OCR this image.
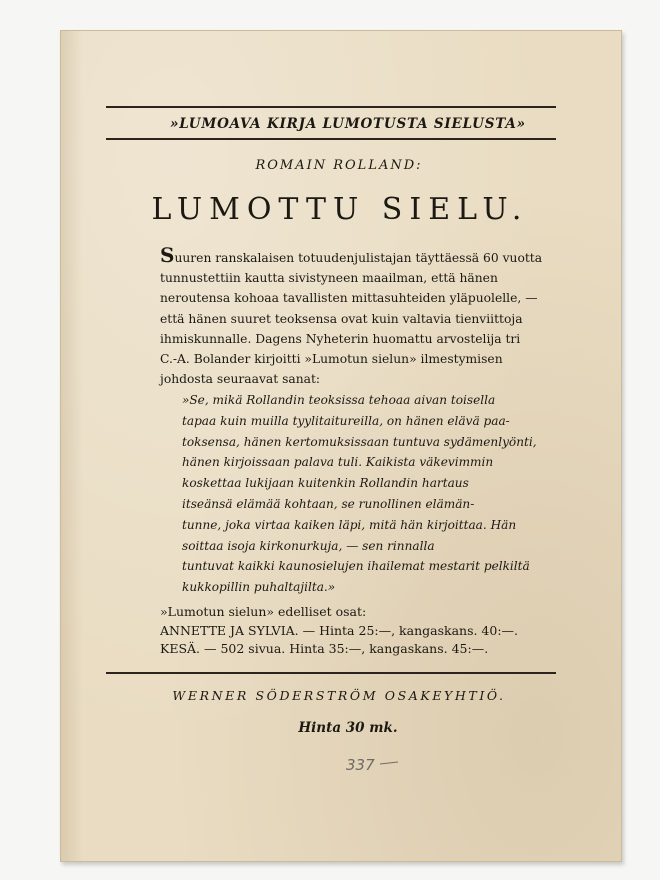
»LUMOAVA KIRJA LUMOTUSTA SIELUSTA»
ROMAIN ROLLAND:
LUMOTTU SIELU.
Suuren ranskalaisen totuudenjulistajan täyttäessä 60 vuotta
tunnustettiin kautta sivistyneen maailman, että hänen
neroutensa kohoaa tavallisten mittasuhteiden yläpuolelle, —
että hänen suuret teoksensa ovat kuin valtavia tienviittoja
ihmiskunnalle. Dagens Nyheterin huomattu arvostelija tri
C.-A. Bolander kirjoitti »Lumotun sielun» ilmestymisen
johdosta seuraavat sanat:
»Se, mikä Rollandin teoksissa tehoaa aivan toisella
tapaa kuin muilla tyylitaitureilla, on hänen elävä paa-
toksensa, hänen kertomuksissaan tuntuva sydämenlyönti,
hänen kirjoissaan palava tuli. Kaikista väkevimmin
koskettaa lukijaan kuitenkin Rollandin hartaus
itseänsä elämää kohtaan, se runollinen elämän-
tunne, joka virtaa kaiken läpi, mitä hän kirjoittaa. Hän
soittaa isoja kirkonurkuja, — sen rinnalla
tuntuvat kaikki kaunosielujen ihailemat mestarit pelkiltä
kukkopillin puhaltajilta.»
»Lumotun sielun» edelliset osat:
ANNETTE JA SYLVIA. — Hinta 25:—, kangaskans. 40:—.
KESÄ. — 502 sivua. Hinta 35:—, kangaskans. 45:—.
WERNER SÖDERSTRÖM OSAKEYHTIÖ.
Hinta 30 mk.
337
